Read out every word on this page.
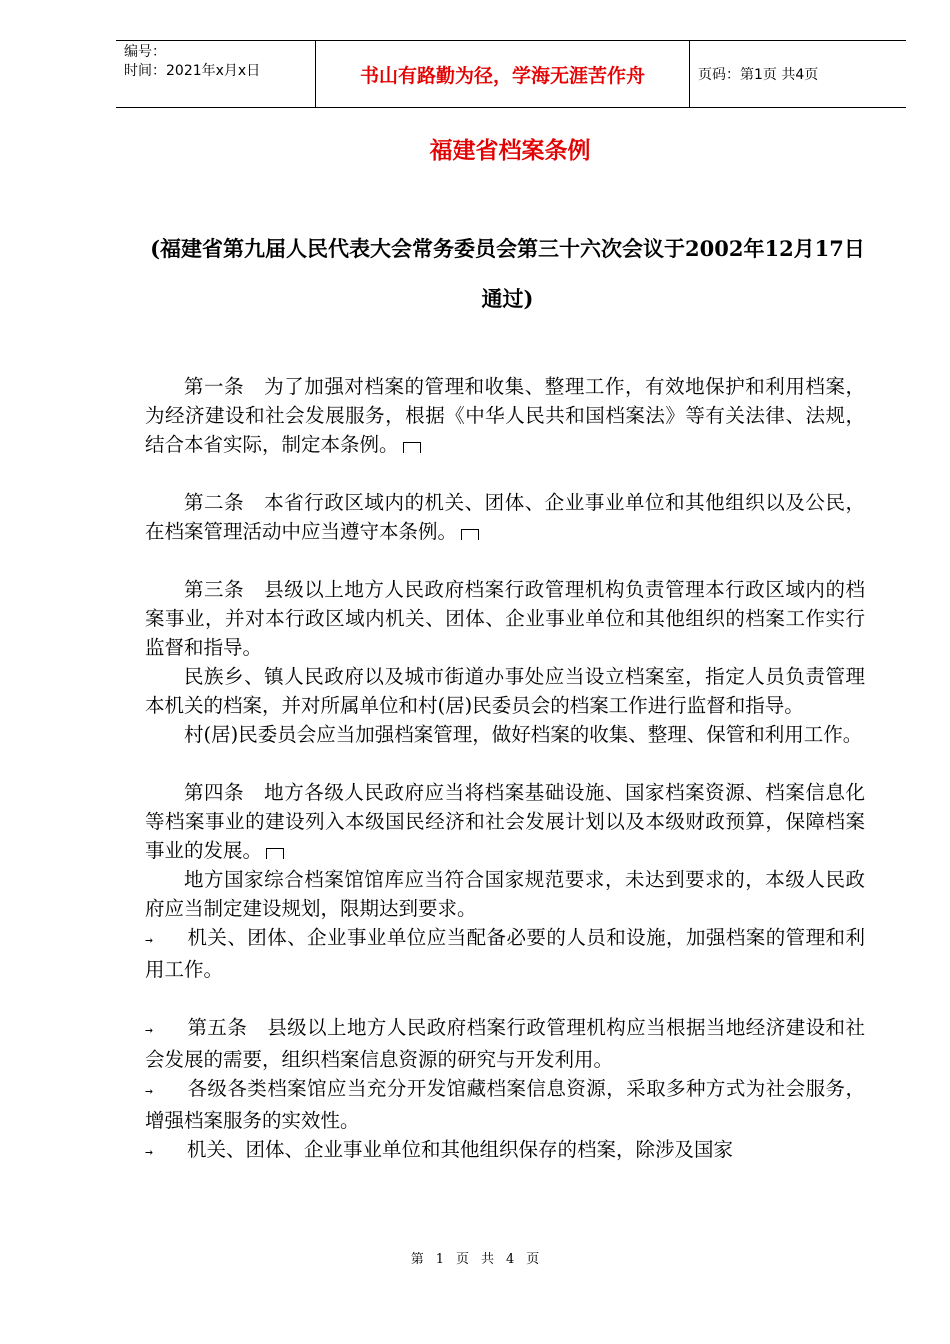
编号：
时间：2021年x月x日	书山有路勤为径，学海无涯苦作舟	页码：第1页 共4页
福建省档案条例
(福建省第九届人民代表大会常务委员会第三十六次会议于2002年12月17日通过)

第一条　为了加强对档案的管理和收集、整理工作，有效地保护和利用档案，为经济建设和社会发展服务，根据《中华人民共和国档案法》等有关法律、法规，结合本省实际，制定本条例。

第二条　本省行政区域内的机关、团体、企业事业单位和其他组织以及公民，在档案管理活动中应当遵守本条例。

第三条　县级以上地方人民政府档案行政管理机构负责管理本行政区域内的档案事业，并对本行政区域内机关、团体、企业事业单位和其他组织的档案工作实行监督和指导。

民族乡、镇人民政府以及城市街道办事处应当设立档案室，指定人员负责管理本机关的档案，并对所属单位和村(居)民委员会的档案工作进行监督和指导。

村(居)民委员会应当加强档案管理，做好档案的收集、整理、保管和利用工作。

第四条　地方各级人民政府应当将档案基础设施、国家档案资源、档案信息化等档案事业的建设列入本级国民经济和社会发展计划以及本级财政预算，保障档案事业的发展。

地方国家综合档案馆馆库应当符合国家规范要求，未达到要求的，本级人民政府应当制定建设规划，限期达到要求。

→ 机关、团体、企业事业单位应当配备必要的人员和设施，加强档案的管理和利用工作。

→ 第五条　县级以上地方人民政府档案行政管理机构应当根据当地经济建设和社会发展的需要，组织档案信息资源的研究与开发利用。

→ 各级各类档案馆应当充分开发馆藏档案信息资源，采取多种方式为社会服务，增强档案服务的实效性。

→ 机关、团体、企业事业单位和其他组织保存的档案，除涉及国家

第 1 页 共 4 页
